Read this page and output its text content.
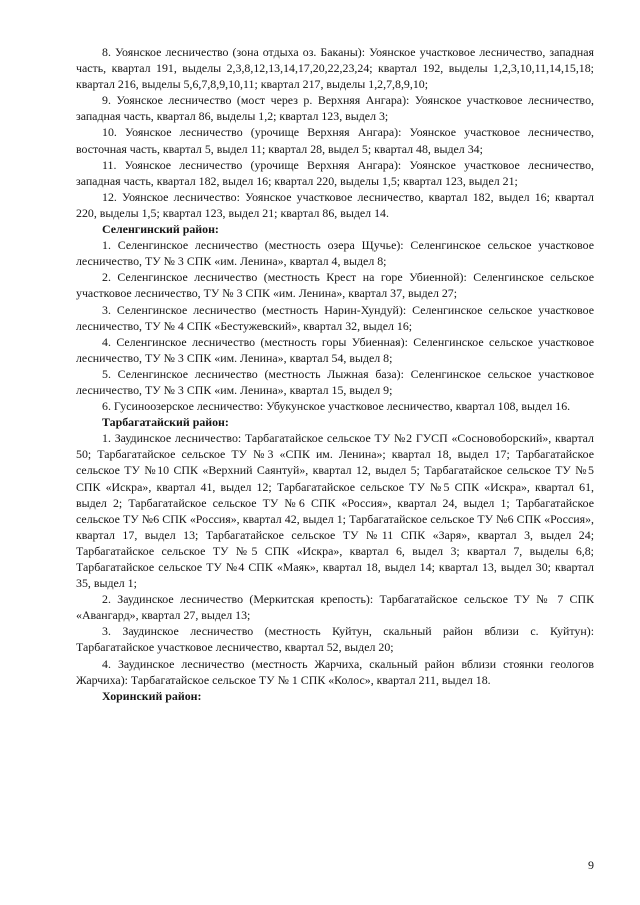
8. Уоянское лесничество (зона отдыха оз. Баканы): Уоянское участковое лесничество, западная часть, квартал 191, выделы 2,3,8,12,13,14,17,20,22,23,24; квартал 192, выделы 1,2,3,10,11,14,15,18; квартал 216, выделы 5,6,7,8,9,10,11; квартал 217, выделы 1,2,7,8,9,10;

9. Уоянское лесничество (мост через р. Верхняя Ангара): Уоянское участковое лесничество, западная часть, квартал 86, выделы 1,2; квартал 123, выдел 3;

10. Уоянское лесничество (урочище Верхняя Ангара): Уоянское участковое лесничество, восточная часть, квартал 5, выдел 11; квартал 28, выдел 5; квартал 48, выдел 34;

11. Уоянское лесничество (урочище Верхняя Ангара): Уоянское участковое лесничество, западная часть, квартал 182, выдел 16; квартал 220, выделы 1,5; квартал 123, выдел 21;

12. Уоянское лесничество: Уоянское участковое лесничество, квартал 182, выдел 16; квартал 220, выделы 1,5; квартал 123, выдел 21; квартал 86, выдел 14.

Селенгинский район:

1. Селенгинское лесничество (местность озера Щучье): Селенгинское сельское участковое лесничество, ТУ № 3 СПК «им. Ленина», квартал 4, выдел 8;

2. Селенгинское лесничество (местность Крест на горе Убиенной): Селенгинское сельское участковое лесничество, ТУ № 3 СПК «им. Ленина», квартал 37, выдел 27;

3. Селенгинское лесничество (местность Нарин-Хундуй): Селенгинское сельское участковое лесничество, ТУ № 4 СПК «Бестужевский», квартал 32, выдел 16;

4. Селенгинское лесничество (местность горы Убиенная): Селенгинское сельское участковое лесничество, ТУ № 3 СПК «им. Ленина», квартал 54, выдел 8;

5. Селенгинское лесничество (местность Лыжная база): Селенгинское сельское участковое лесничество, ТУ № 3 СПК «им. Ленина», квартал 15, выдел 9;

6. Гусиноозерское лесничество: Убукунское участковое лесничество, квартал 108, выдел 16.

Тарбагатайский район:

1. Заудинское лесничество: Тарбагатайское сельское ТУ №2 ГУСП «Сосновоборский», квартал 50; Тарбагатайское сельское ТУ №3 «СПК им. Ленина»; квартал 18, выдел 17; Тарбагатайское сельское ТУ №10 СПК «Верхний Саянтуй», квартал 12, выдел 5; Тарбагатайское сельское ТУ №5 СПК «Искра», квартал 41, выдел 12; Тарбагатайское сельское ТУ №5 СПК «Искра», квартал 61, выдел 2; Тарбагатайское сельское ТУ №6 СПК «Россия», квартал 24, выдел 1; Тарбагатайское сельское ТУ №6 СПК «Россия», квартал 42, выдел 1; Тарбагатайское сельское ТУ №6 СПК «Россия», квартал 17, выдел 13; Тарбагатайское сельское ТУ №11 СПК «Заря», квартал 3, выдел 24; Тарбагатайское сельское ТУ №5 СПК «Искра», квартал 6, выдел 3; квартал 7, выделы 6,8; Тарбагатайское сельское ТУ №4 СПК «Маяк», квартал 18, выдел 14; квартал 13, выдел 30; квартал 35, выдел 1;

2. Заудинское лесничество (Меркитская крепость): Тарбагатайское сельское ТУ № 7 СПК «Авангард», квартал 27, выдел 13;

3. Заудинское лесничество (местность Куйтун, скальный район вблизи с. Куйтун): Тарбагатайское участковое лесничество, квартал 52, выдел 20;

4. Заудинское лесничество (местность Жарчиха, скальный район вблизи стоянки геологов Жарчиха): Тарбагатайское сельское ТУ № 1 СПК «Колос», квартал 211, выдел 18.

Хоринский район:

9
